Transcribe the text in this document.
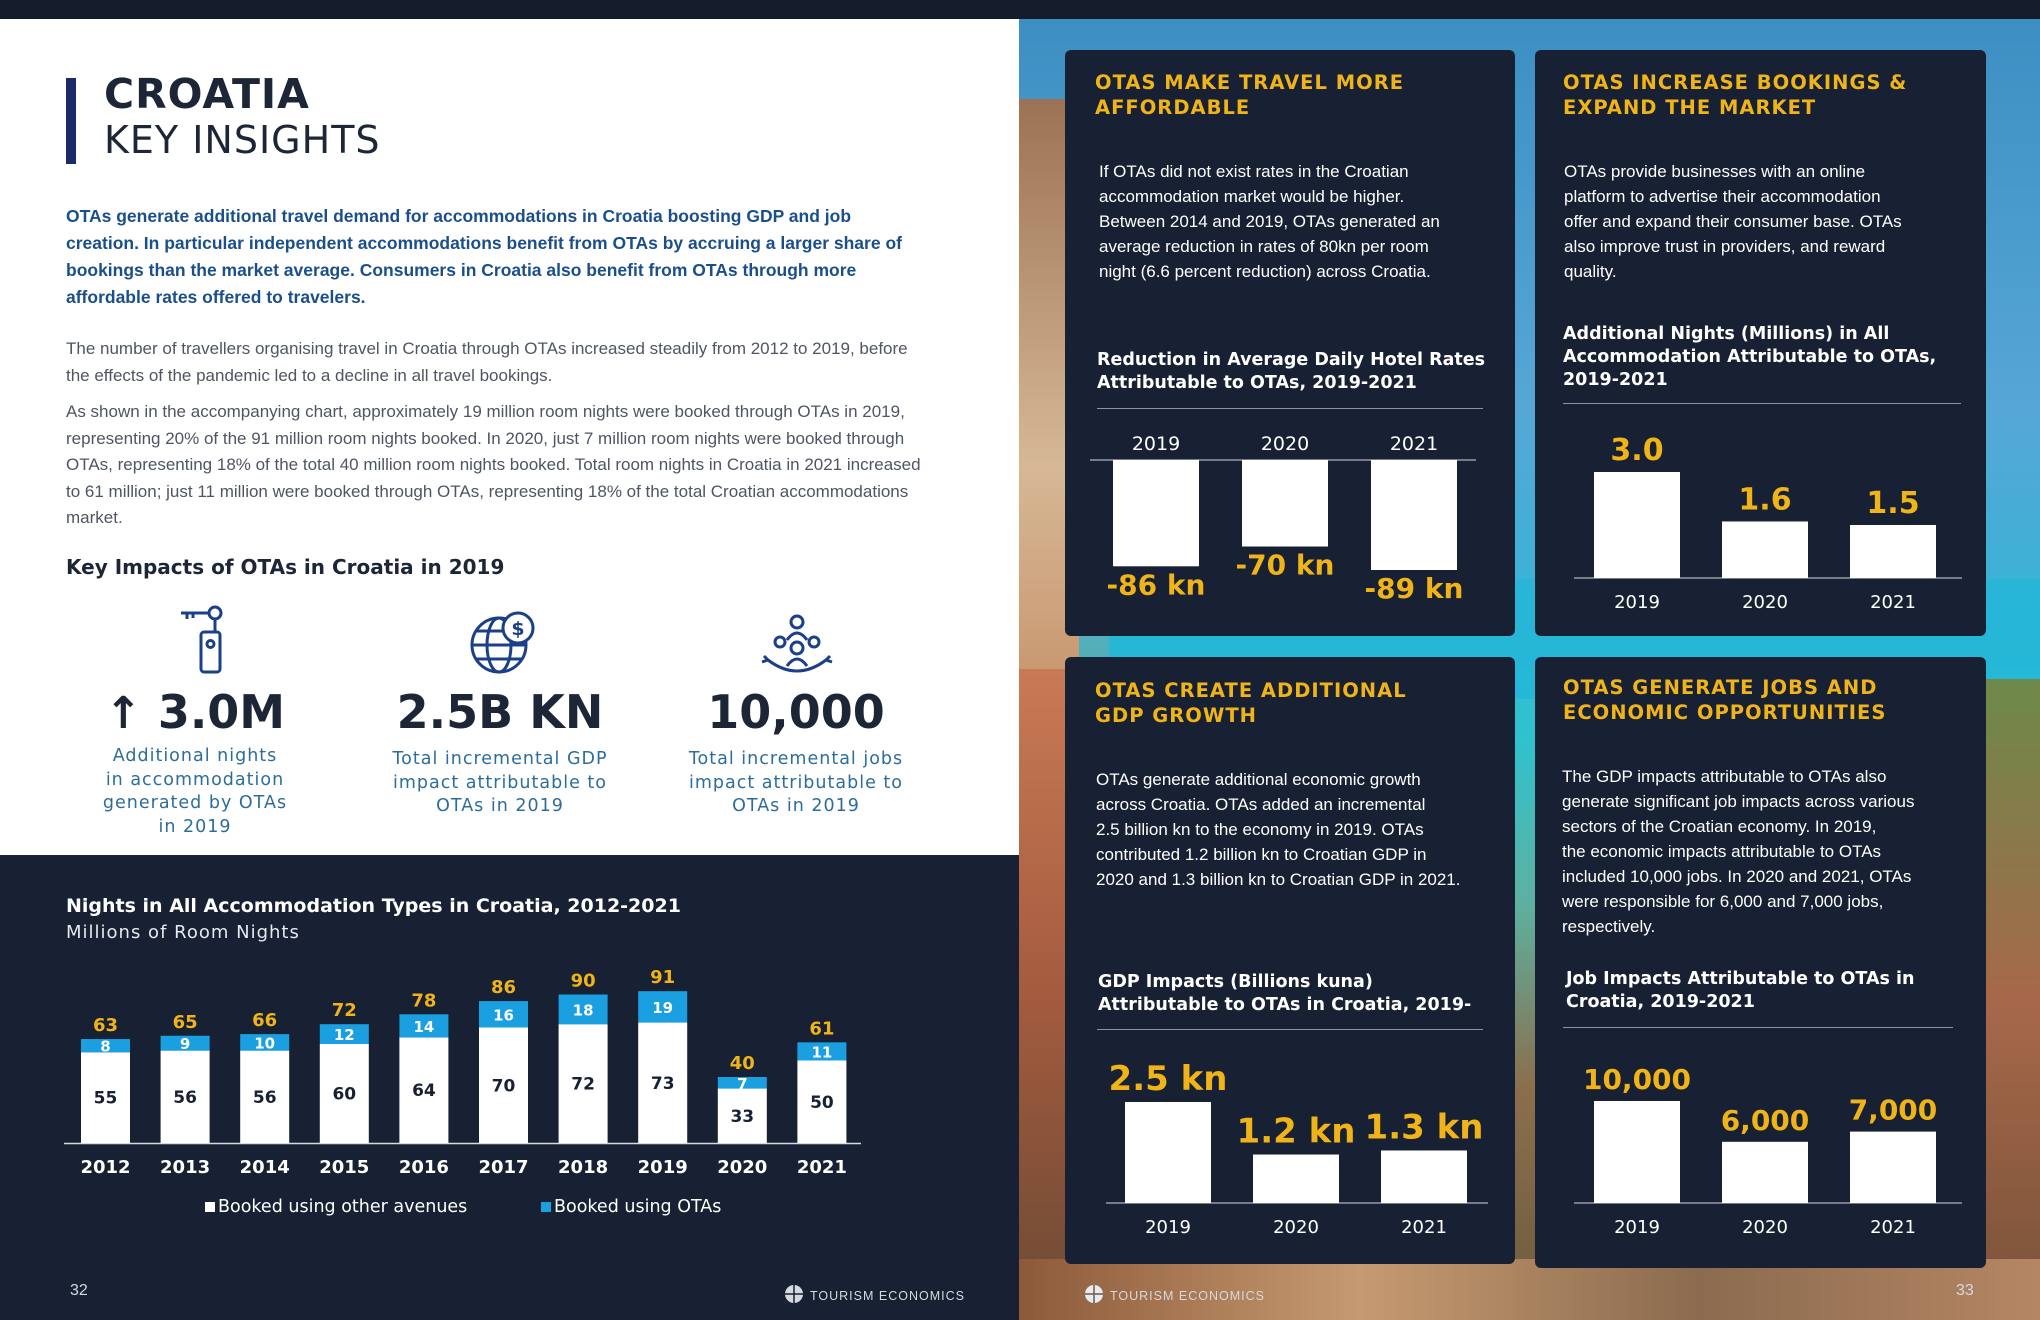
CROATIA
KEY INSIGHTS
OTAs generate additional travel demand for accommodations in Croatia boosting GDP and job creation. In particular independent accommodations benefit from OTAs by accruing a larger share of bookings than the market average. Consumers in Croatia also benefit from OTAs through more affordable rates offered to travelers.
The number of travellers organising travel in Croatia through OTAs increased steadily from 2012 to 2019, before the effects of the pandemic led to a decline in all travel bookings.
As shown in the accompanying chart, approximately 19 million room nights were booked through OTAs in 2019, representing 20% of the 91 million room nights booked. In 2020, just 7 million room nights were booked through OTAs, representing 18% of the total 40 million room nights booked. Total room nights in Croatia in 2021 increased to 61 million; just 11 million were booked through OTAs, representing 18% of the total Croatian accommodations market.
Key Impacts of OTAs in Croatia in 2019
$
↑ 3.0M
Additional nights
in accommodation
generated by OTAs
in 2019
2.5B KN
Total incremental GDP
impact attributable to
OTAs in 2019
10,000
Total incremental jobs
impact attributable to
OTAs in 2019
Nights in All Accommodation Types in Croatia, 2012-2021
Millions of Room Nights
55
8
63
2012
56
9
65
2013
56
10
66
2014
60
12
72
2015
64
14
78
2016
70
16
86
2017
72
18
90
2018
73
19
91
2019
33
7
40
2020
50
11
61
2021
Booked using other avenues	Booked using OTAs
32	TOURISM ECONOMICS
OTAS MAKE TRAVEL MORE
AFFORDABLE
If OTAs did not exist rates in the Croatian
accommodation market would be higher.
Between 2014 and 2019, OTAs generated an
average reduction in rates of 80kn per room
night (6.6 percent reduction) across Croatia.
Reduction in Average Daily Hotel Rates
Attributable to OTAs, 2019-2021
2019	2020	2021
-86 kn
-70 kn
-89 kn
OTAS INCREASE BOOKINGS &
EXPAND THE MARKET
OTAs provide businesses with an online
platform to advertise their accommodation
offer and expand their consumer base. OTAs
also improve trust in providers, and reward
quality.
Additional Nights (Millions) in All
Accommodation Attributable to OTAs,
2019-2021
3.0
2019
1.6
2020
1.5
2021
OTAS CREATE ADDITIONAL
GDP GROWTH
OTAs generate additional economic growth
across Croatia. OTAs added an incremental
2.5 billion kn to the economy in 2019. OTAs
contributed 1.2 billion kn to Croatian GDP in
2020 and 1.3 billion kn to Croatian GDP in 2021.
GDP Impacts (Billions kuna)
Attributable to OTAs in Croatia, 2019-
2.5 kn
2019
1.2 kn
2020
1.3 kn
2021
OTAS GENERATE JOBS AND
ECONOMIC OPPORTUNITIES
The GDP impacts attributable to OTAs also
generate significant job impacts across various
sectors of the Croatian economy. In 2019,
the economic impacts attributable to OTAs
included 10,000 jobs. In 2020 and 2021, OTAs
were responsible for 6,000 and 7,000 jobs,
respectively.
Job Impacts Attributable to OTAs in
Croatia, 2019-2021
10,000
2019
6,000
2020
7,000
2021
TOURISM ECONOMICS	33
